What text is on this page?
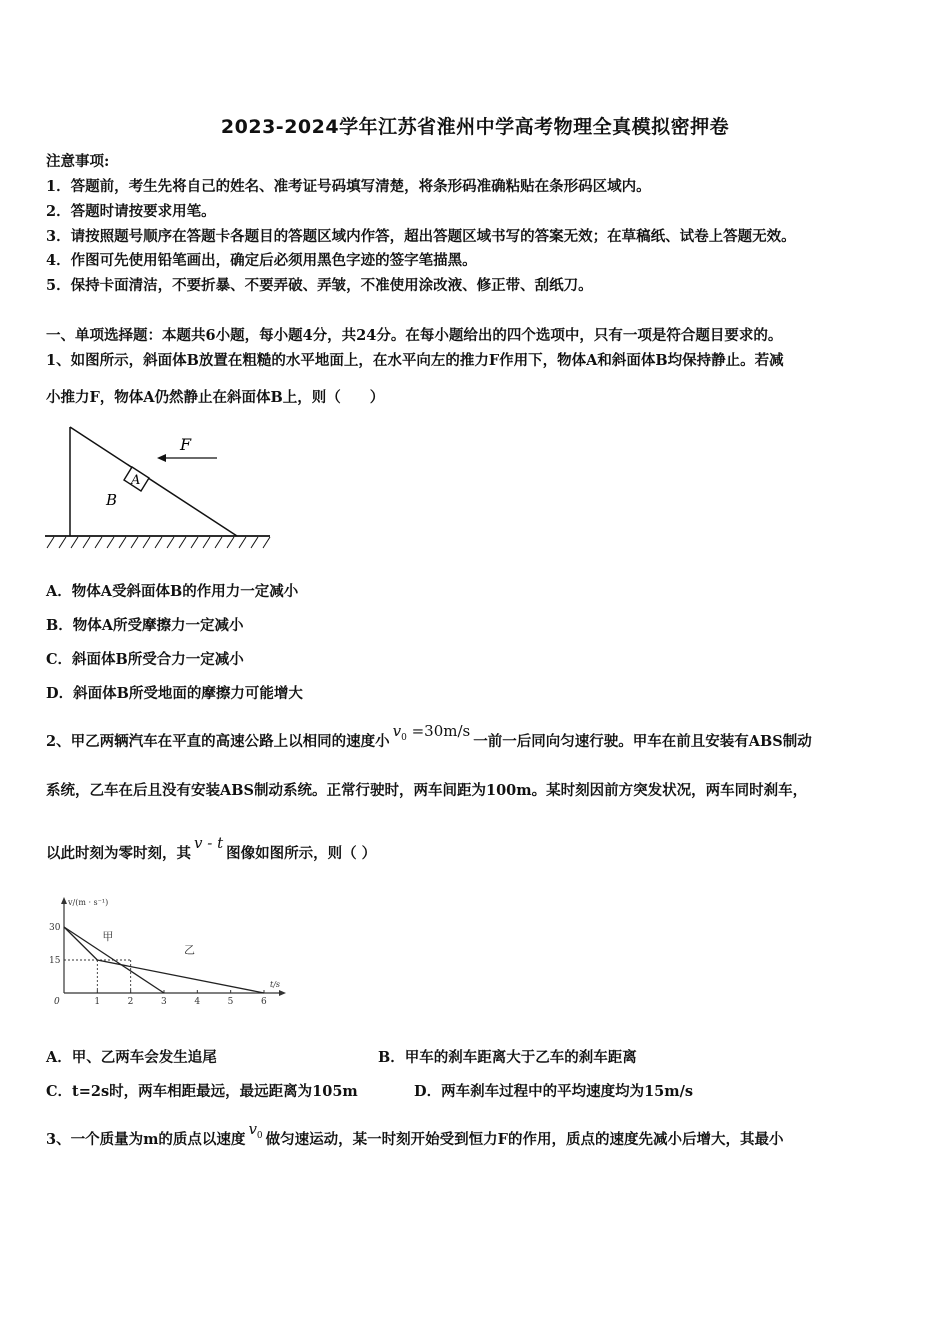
2023-2024学年江苏省淮州中学高考物理全真模拟密押卷
注意事项:
1．答题前，考生先将自己的姓名、准考证号码填写清楚，将条形码准确粘贴在条形码区域内。
2．答题时请按要求用笔。
3．请按照题号顺序在答题卡各题目的答题区域内作答，超出答题区域书写的答案无效；在草稿纸、试卷上答题无效。
4．作图可先使用铅笔画出，确定后必须用黑色字迹的签字笔描黑。
5．保持卡面清洁，不要折暴、不要弄破、弄皱，不准使用涂改液、修正带、刮纸刀。
一、单项选择题：本题共6小题，每小题4分，共24分。在每小题给出的四个选项中，只有一项是符合题目要求的。
1、如图所示，斜面体B放置在粗糙的水平地面上，在水平向左的推力F作用下，物体A和斜面体B均保持静止。若减
小推力F，物体A仍然静止在斜面体B上，则（　　）
A
F
B
A．物体A受斜面体B的作用力一定减小
B．物体A所受摩擦力一定减小
C．斜面体B所受合力一定减小
D．斜面体B所受地面的摩擦力可能增大
2、甲乙两辆汽车在平直的高速公路上以相同的速度小$v_0 =30m/s$一前一后同向匀速行驶。甲车在前且安装有ABS制动
系统，乙车在后且没有安装ABS制动系统。正常行驶时，两车间距为100m。某时刻因前方突发状况，两车同时刹车，
以此时刻为零时刻，其v - t图像如图所示，则（ ）
v/(m · s⁻¹)
t/s
0	1	2	3	4	5	6
15
30
甲
乙
A．甲、乙两车会发生追尾	B．甲车的刹车距离大于乙车的刹车距离
C．t=2s时，两车相距最远，最远距离为105m	D．两车刹车过程中的平均速度均为15m/s
3、一个质量为m的质点以速度$v_0$ 做匀速运动，某一时刻开始受到恒力F的作用，质点的速度先减小后增大，其最小
